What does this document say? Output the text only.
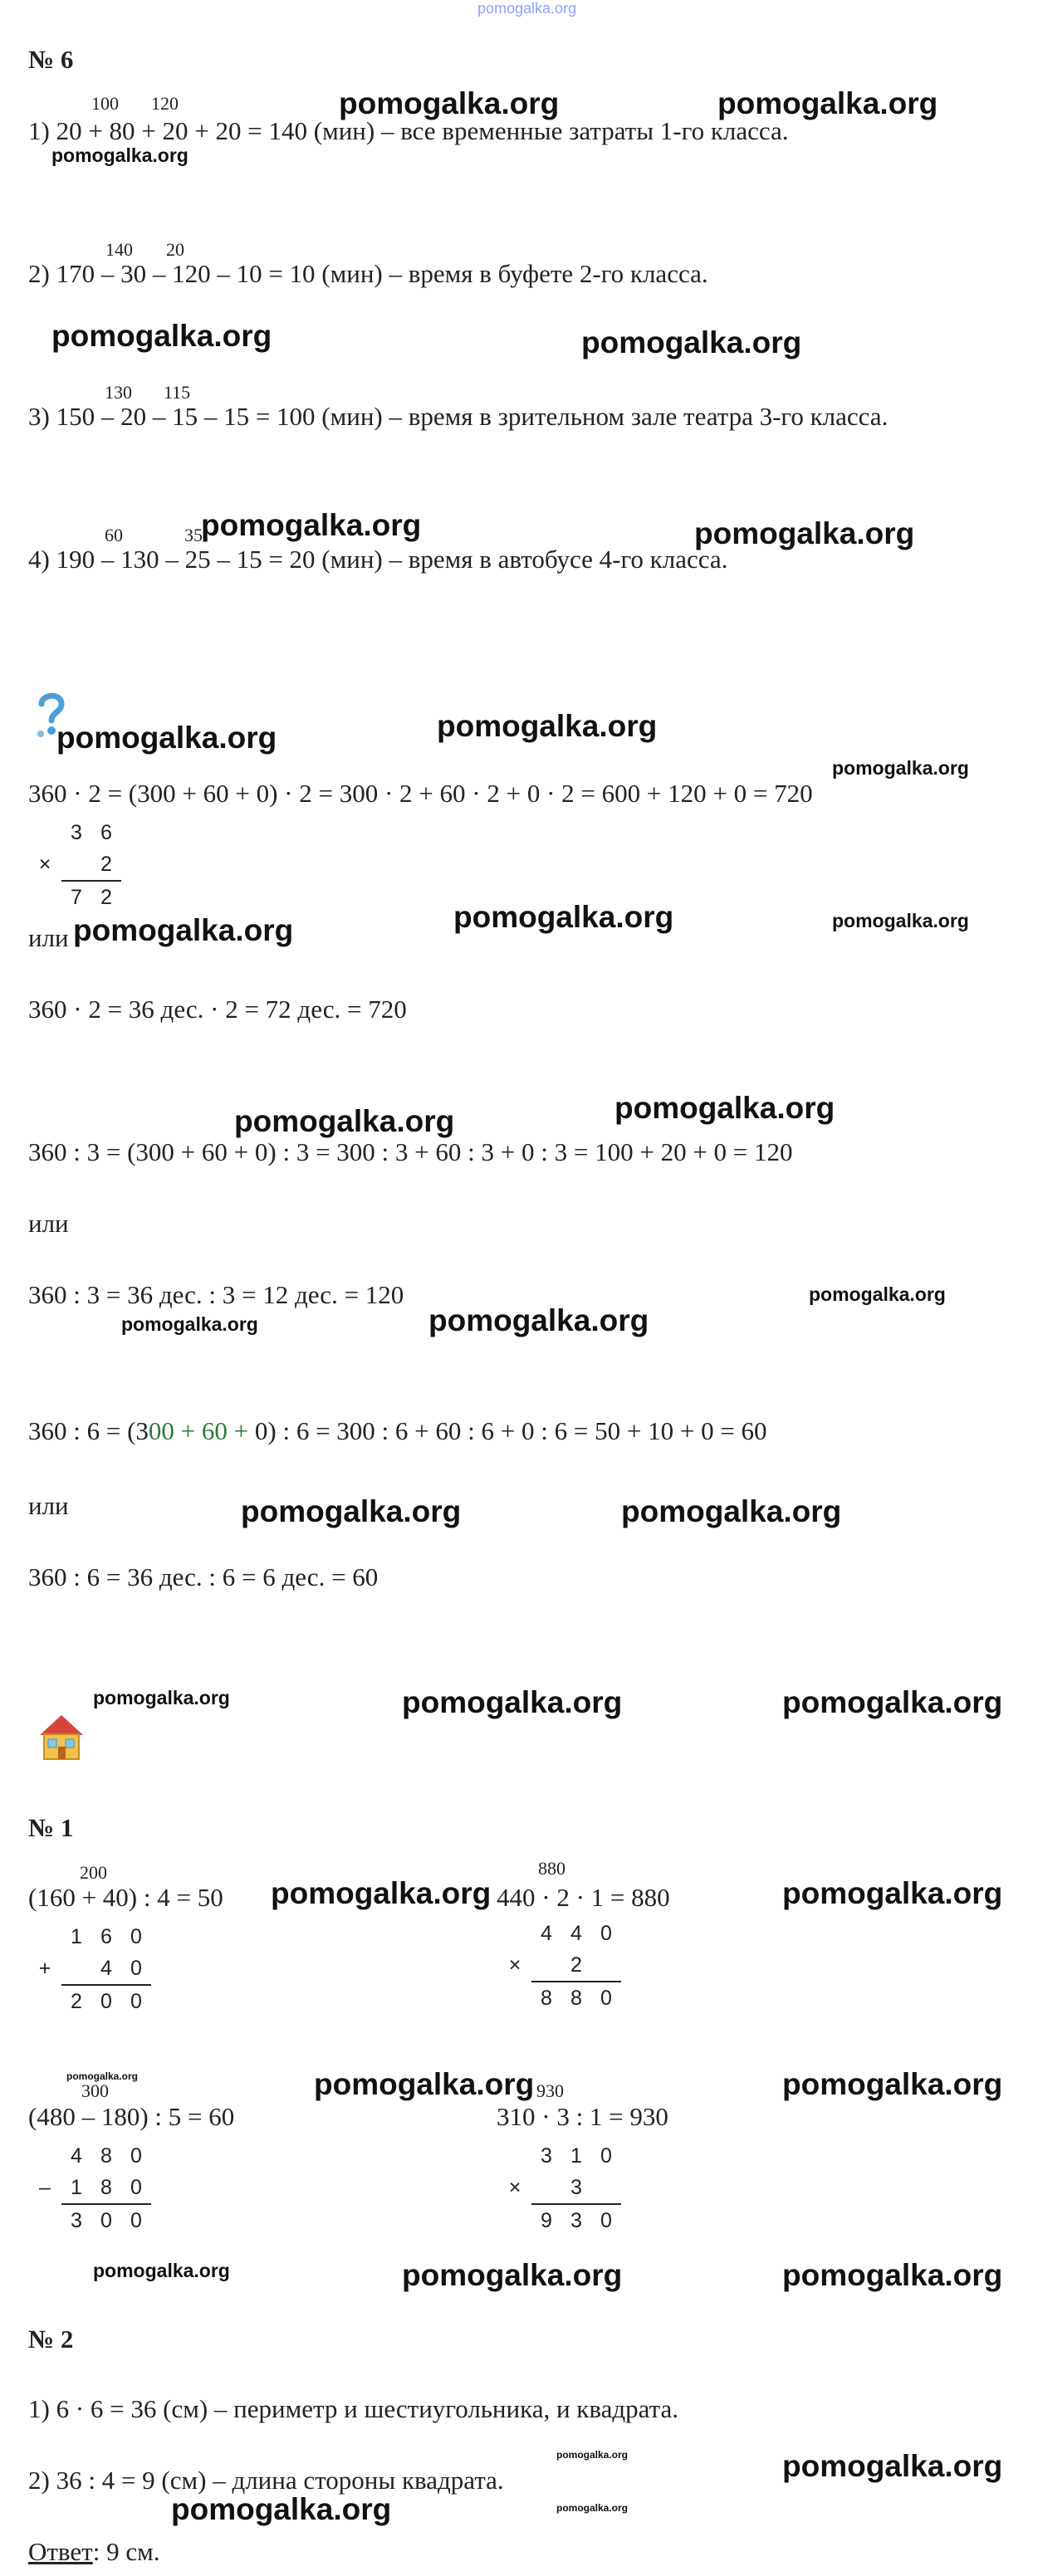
pomogalka.org
№ 6
100 120
1) 20 + 80 + 20 + 20 = 140 (мин) – все временные затраты 1-го класса.
140 20
2) 170 – 30 – 120 – 10 = 10 (мин) – время в буфете 2-го класса.
130 115
3) 150 – 20 – 15 – 15 = 100 (мин) – время в зрительном зале театра 3-го класса.
60	35
4) 190 – 130 – 25 – 15 = 20 (мин) – время в автобусе 4-го класса.
360 · 2 = (300 + 60 + 0) · 2 = 300 · 2 + 60 · 2 + 0 · 2 = 600 + 120 + 0 = 720
3 6
×	2
7 2
или
360 · 2 = 36 дес. · 2 = 72 дес. = 720
360 : 3 = (300 + 60 + 0) : 3 = 300 : 3 + 60 : 3 + 0 : 3 = 100 + 20 + 0 = 120
или
360 : 3 = 36 дес. : 3 = 12 дес. = 120
360 : 6 = (300 + 60 + 0) : 6 = 300 : 6 + 60 : 6 + 0 : 6 = 50 + 10 + 0 = 60
или
360 : 6 = 36 дес. : 6 = 6 дес. = 60
№ 1
200
(160 + 40) : 4 = 50
880
440 · 2 · 1 = 880
1 6 0
+	4 0
2 0 0
4 4 0
×	2
8 8 0
300
(480 – 180) : 5 = 60
930
310 · 3 : 1 = 930
4 8 0
– 1 8 0
3 0 0
3 1 0
×	3
9 3 0
№ 2
1) 6 · 6 = 36 (см) – периметр и шестиугольника, и квадрата.
2) 36 : 4 = 9 (см) – длина стороны квадрата.
Ответ: 9 см.
pomogalka.org	pomogalka.org
pomogalka.org
pomogalka.org	pomogalka.org
pomogalka.org	pomogalka.org
pomogalka.org	pomogalka.org
pomogalka.org
pomogalka.org	pomogalka.org	pomogalka.org
pomogalka.org	pomogalka.org
pomogalka.org
pomogalka.org	pomogalka.org
pomogalka.org	pomogalka.org
pomogalka.org	pomogalka.org	pomogalka.org
pomogalka.org	pomogalka.org
pomogalka.org	pomogalka.org	pomogalka.org
pomogalka.org	pomogalka.org	pomogalka.org
pomogalka.org	pomogalka.org
pomogalka.org	pomogalka.org
